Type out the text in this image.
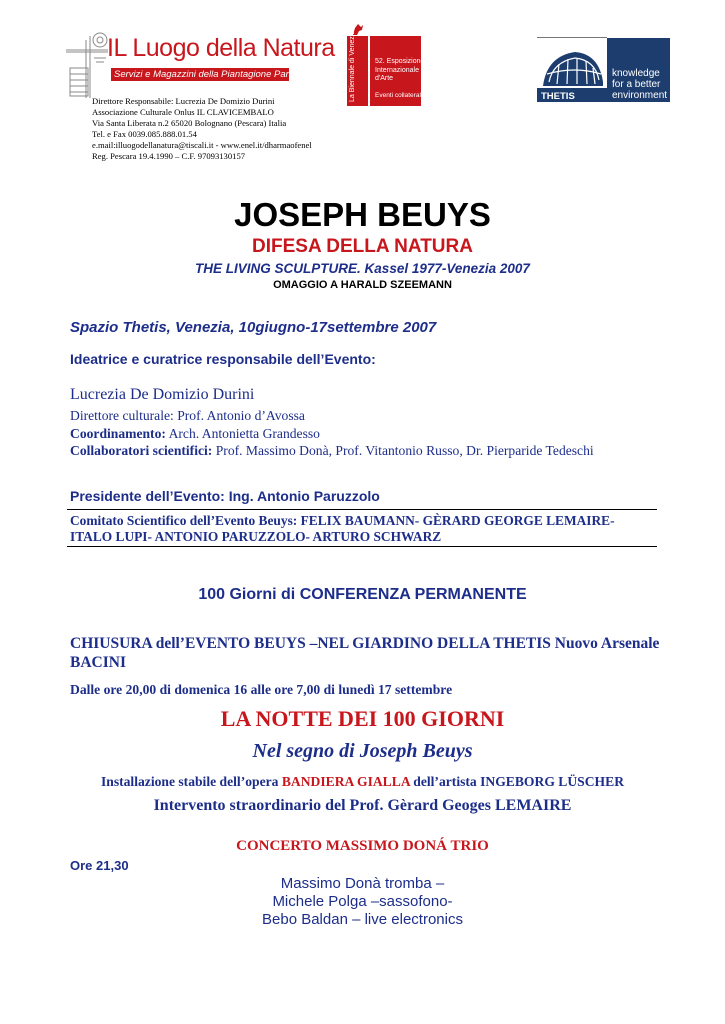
IL Luogo della Natura
Servizi e Magazzini della Piantagione Paradise
Direttore Responsabile: Lucrezia De Domizio Durini
Associazione Culturale Onlus IL CLAVICEMBALO
Via Santa Liberata n.2 65020 Bolognano (Pescara) Italia
Tel. e Fax 0039.085.888.01.54
e.mail:illuogodellanatura@tiscali.it - www.enel.it/dharmaofenel
Reg. Pescara 19.4.1990 – C.F. 97093130157
La Biennale di Venezia	52. Esposizione
Internazionale
d'Arte
Eventi collaterali	THETIS
knowledge
for a better
environment
JOSEPH BEUYS
DIFESA DELLA NATURA
THE LIVING SCULPTURE. Kassel 1977-Venezia 2007
OMAGGIO A HARALD SZEEMANN
Spazio Thetis, Venezia, 10giugno-17settembre 2007
Ideatrice e curatrice responsabile dell’Evento:
Lucrezia De Domizio Durini
Direttore culturale: Prof. Antonio d’Avossa
Coordinamento: Arch. Antonietta Grandesso
Collaboratori scientifici: Prof. Massimo Donà, Prof. Vitantonio Russo, Dr. Pierparide Tedeschi
Presidente dell’Evento: Ing. Antonio Paruzzolo
Comitato Scientifico dell’Evento Beuys: FELIX BAUMANN- GÈRARD GEORGE LEMAIRE- ITALO LUPI- ANTONIO PARUZZOLO- ARTURO SCHWARZ
100 Giorni di CONFERENZA PERMANENTE
CHIUSURA dell’EVENTO BEUYS –NEL GIARDINO DELLA THETIS Nuovo Arsenale BACINI
Dalle ore 20,00 di domenica 16 alle ore 7,00 di lunedì 17 settembre
LA NOTTE DEI 100 GIORNI
Nel segno di Joseph Beuys
Installazione stabile dell’opera BANDIERA GIALLA dell’artista INGEBORG LÜSCHER
Intervento straordinario del Prof. Gèrard Geoges LEMAIRE
CONCERTO MASSIMO DONÁ TRIO
Ore 21,30
Massimo Donà tromba –
Michele Polga –sassofono-
Bebo Baldan – live electronics
